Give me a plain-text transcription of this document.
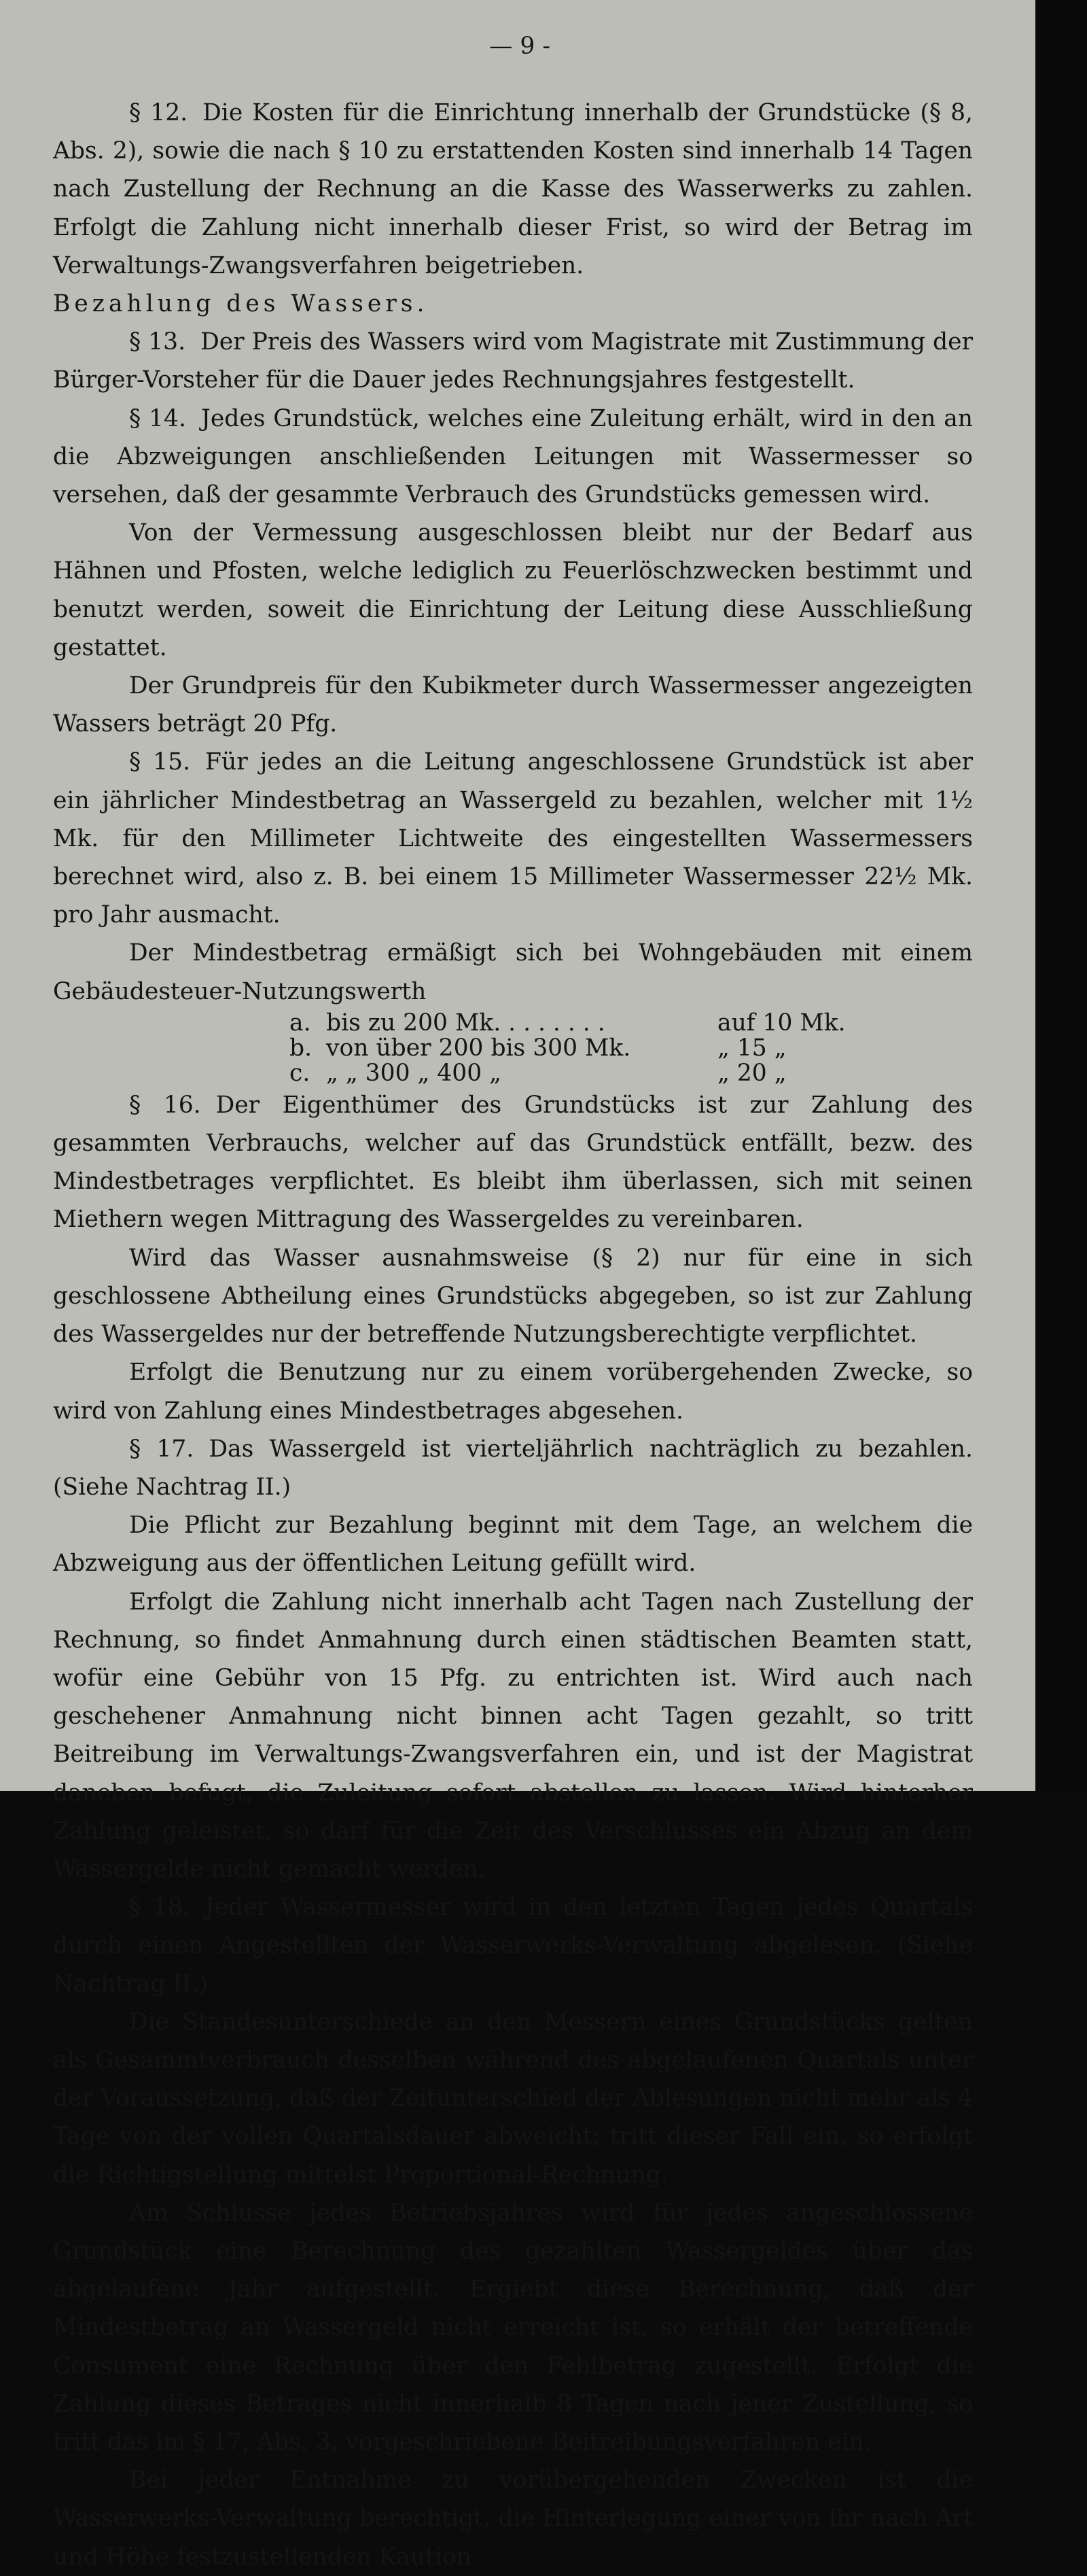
— 9 -

§ 12. Die Kosten für die Einrichtung innerhalb der Grundstücke (§ 8, Abs. 2), sowie die nach § 10 zu erstattenden Kosten sind innerhalb 14 Tagen nach Zustellung der Rechnung an die Kasse des Wasserwerks zu zahlen. Erfolgt die Zahlung nicht innerhalb dieser Frist, so wird der Betrag im Verwaltungs-Zwangsverfahren beigetrieben.

Bezahlung des Wassers.

§ 13. Der Preis des Wassers wird vom Magistrate mit Zustimmung der Bürger-Vorsteher für die Dauer jedes Rechnungsjahres festgestellt.

§ 14. Jedes Grundstück, welches eine Zuleitung erhält, wird in den an die Abzweigungen anschließenden Leitungen mit Wassermesser so versehen, daß der gesammte Verbrauch des Grundstücks gemessen wird.

Von der Vermessung ausgeschlossen bleibt nur der Bedarf aus Hähnen und Pfosten, welche lediglich zu Feuerlöschzwecken bestimmt und benutzt werden, soweit die Einrichtung der Leitung diese Ausschließung gestattet.

Der Grundpreis für den Kubikmeter durch Wassermesser angezeigten Wassers beträgt 20 Pfg.

§ 15. Für jedes an die Leitung angeschlossene Grundstück ist aber ein jährlicher Mindestbetrag an Wassergeld zu bezahlen, welcher mit 1½ Mk. für den Millimeter Lichtweite des eingestellten Wassermessers berechnet wird, also z. B. bei einem 15 Millimeter Wassermesser 22½ Mk. pro Jahr ausmacht.

Der Mindestbetrag ermäßigt sich bei Wohngebäuden mit einem Gebäudesteuer-Nutzungswerth

a.	bis zu 200 Mk. . . . . . . .	auf 10 Mk.
b.	von über 200 bis 300 Mk.	„ 15 „
c.	„ „ 300 „ 400 „	„ 20 „

§ 16. Der Eigenthümer des Grundstücks ist zur Zahlung des gesammten Verbrauchs, welcher auf das Grundstück entfällt, bezw. des Mindestbetrages verpflichtet. Es bleibt ihm überlassen, sich mit seinen Miethern wegen Mittragung des Wassergeldes zu vereinbaren.

Wird das Wasser ausnahmsweise (§ 2) nur für eine in sich geschlossene Abtheilung eines Grundstücks abgegeben, so ist zur Zahlung des Wassergeldes nur der betreffende Nutzungsberechtigte verpflichtet.

Erfolgt die Benutzung nur zu einem vorübergehenden Zwecke, so wird von Zahlung eines Mindestbetrages abgesehen.

§ 17. Das Wassergeld ist vierteljährlich nachträglich zu bezahlen. (Siehe Nachtrag II.)

Die Pflicht zur Bezahlung beginnt mit dem Tage, an welchem die Abzweigung aus der öffentlichen Leitung gefüllt wird.

Erfolgt die Zahlung nicht innerhalb acht Tagen nach Zustellung der Rechnung, so findet Anmahnung durch einen städtischen Beamten statt, wofür eine Gebühr von 15 Pfg. zu entrichten ist. Wird auch nach geschehener Anmahnung nicht binnen acht Tagen gezahlt, so tritt Beitreibung im Verwaltungs-Zwangsverfahren ein, und ist der Magistrat daneben befugt, die Zuleitung sofort abstellen zu lassen. Wird hinterher Zahlung geleistet, so darf für die Zeit des Verschlusses ein Abzug an dem Wassergelde nicht gemacht werden.

§ 18. Jeder Wassermesser wird in den letzten Tagen jedes Quartals durch einen Angestellten der Wasserwerks-Verwaltung abgelesen. (Siehe Nachtrag II.)

Die Standesunterschiede an den Messern eines Grundstücks gelten als Gesammtverbrauch desselben während des abgelaufenen Quartals unter der Voraussetzung, daß der Zeitunterschied der Ablesungen nicht mehr als 4 Tage von der vollen Quartalsdauer abweicht; tritt dieser Fall ein, so erfolgt die Richtigstellung mittelst Proportional-Rechnung.

Am Schlusse jedes Betriebsjahres wird für jedes angeschlossene Grundstück eine Berechnung des gezahlten Wassergeldes über das abgelaufene Jahr aufgestellt. Ergiebt diese Berechnung, daß der Mindestbetrag an Wassergeld nicht erreicht ist, so erhält der betreffende Consument eine Rechnung über den Fehlbetrag zugestellt. Erfolgt die Zahlung dieses Betrages nicht innerhalb 8 Tagen nach jener Zustellung, so tritt das im § 17, Abs. 3, vorgeschriebene Beitreibungsverfahren ein.

Bei jeder Entnahme zu vorübergehenden Zwecken ist die Wasserwerks-Verwaltung berechtigt, die Hinterlegung einer von ihr nach Art und Höhe festzustellenden Kaution
